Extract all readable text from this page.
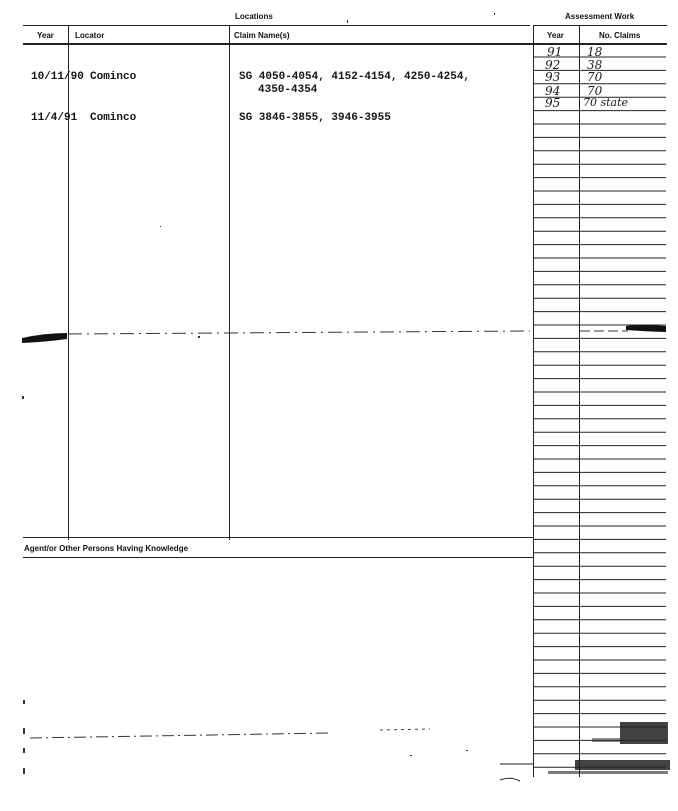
Locations	Assessment Work
Year	Locator	Claim Name(s)	Year	No. Claims
10/11/90 Cominco	SG 4050-4054, 4152-4154, 4250-4254,
4350-4354
11/4/91 Cominco	SG 3846-3855, 3946-3955
Agent/or Other Persons Having Knowledge
91 18
92 38
93 70
94 70
95 70 state
